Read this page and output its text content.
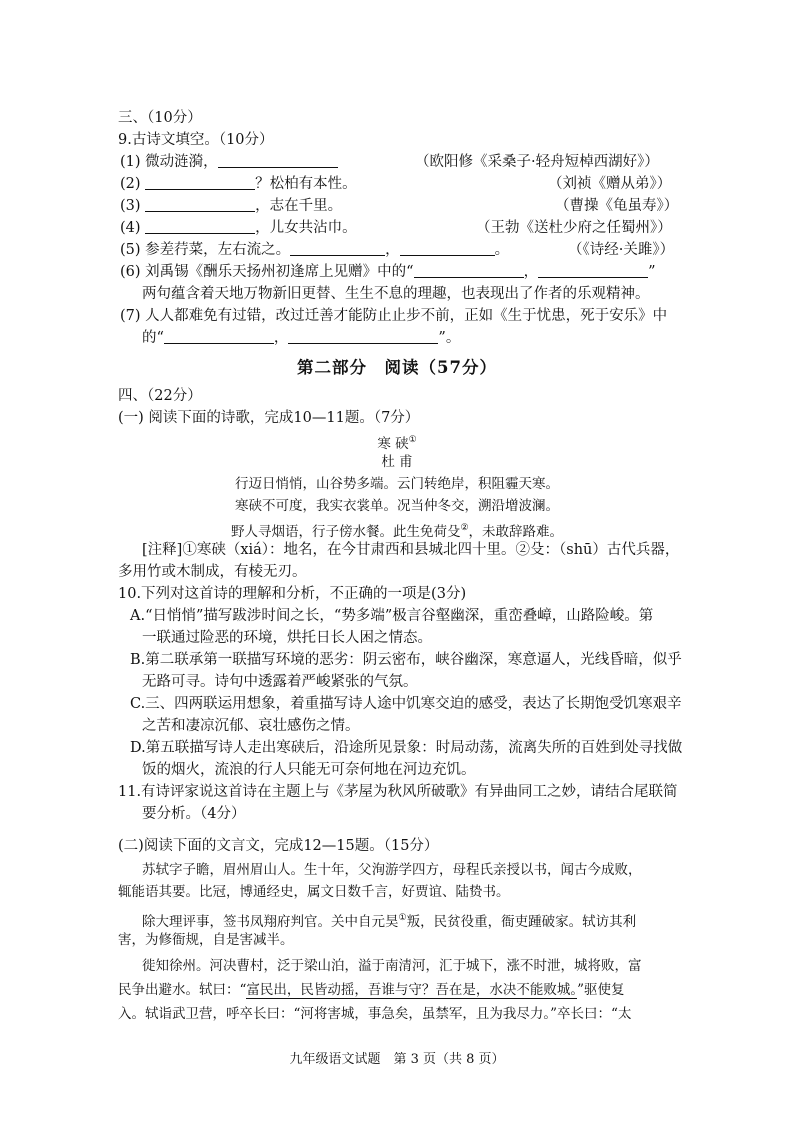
三、（10分）
9.古诗文填空。（10分）
(1) 微动涟漪，	（欧阳修《采桑子·轻舟短棹西湖好》）
(2)	？松柏有本性。	（刘祯《赠从弟》）
(3)	，志在千里。	（曹操《龟虽寿》）
(4)	，儿女共沾巾。	（王勃《送杜少府之任蜀州》）
(5) 参差荇菜，左右流之。	，	。	（《诗经·关雎》）
(6) 刘禹锡《酬乐天扬州初逢席上见赠》中的“	，	”
两句蕴含着天地万物新旧更替、生生不息的理趣，也表现出了作者的乐观精神。
(7) 人人都难免有过错，改过迁善才能防止止步不前，正如《生于忧患，死于安乐》中
的“	，	”。
第二部分　阅读（57分）
四、（22分）
(一) 阅读下面的诗歌，完成10—11题。（7分）
寒 硖①
杜 甫
行迈日悄悄，山谷势多端。云门转绝岸，积阻霾天寒。
寒硖不可度，我实衣裳单。况当仲冬交，溯沿增波澜。
野人寻烟语，行子傍水餐。此生免荷殳②，未敢辞路难。
[注释]①寒硖（xiá）：地名，在今甘肃西和县城北四十里。②殳：（shū）古代兵器，
多用竹或木制成，有棱无刃。
10.下列对这首诗的理解和分析，不正确的一项是(3分)
A.“日悄悄”描写跋涉时间之长，“势多端”极言谷壑幽深，重峦叠嶂，山路险峻。第
一联通过险恶的环境，烘托日长人困之情态。
B.第二联承第一联描写环境的恶劣：阴云密布，峡谷幽深，寒意逼人，光线昏暗，似乎
无路可寻。诗句中透露着严峻紧张的气氛。
C.三、四两联运用想象，着重描写诗人途中饥寒交迫的感受，表达了长期饱受饥寒艰辛
之苦和凄凉沉郁、哀壮感伤之情。
D.第五联描写诗人走出寒硖后，沿途所见景象：时局动荡，流离失所的百姓到处寻找做
饭的烟火，流浪的行人只能无可奈何地在河边充饥。
11.有诗评家说这首诗在主题上与《茅屋为秋风所破歌》有异曲同工之妙，请结合尾联简
要分析。（4分）
(二)阅读下面的文言文，完成12—15题。（15分）
苏轼字子瞻，眉州眉山人。生十年，父洵游学四方，母程氏亲授以书，闻古今成败，
辄能语其要。比冠，博通经史，属文日数千言，好贾谊、陆贽书。
除大理评事，签书凤翔府判官。关中自元昊①叛，民贫役重，衙吏踵破家。轼访其利
害，为修衙规，自是害减半。
徙知徐州。河决曹村，泛于梁山泊，溢于南清河，汇于城下，涨不时泄，城将败，富
民争出避水。轼曰：“富民出，民皆动摇，吾谁与守？吾在是，水决不能败城。”驱使复
入。轼诣武卫营，呼卒长曰：“河将害城，事急矣，虽禁军，且为我尽力。”卒长曰：“太
九年级语文试题　第 3 页（共 8 页）
